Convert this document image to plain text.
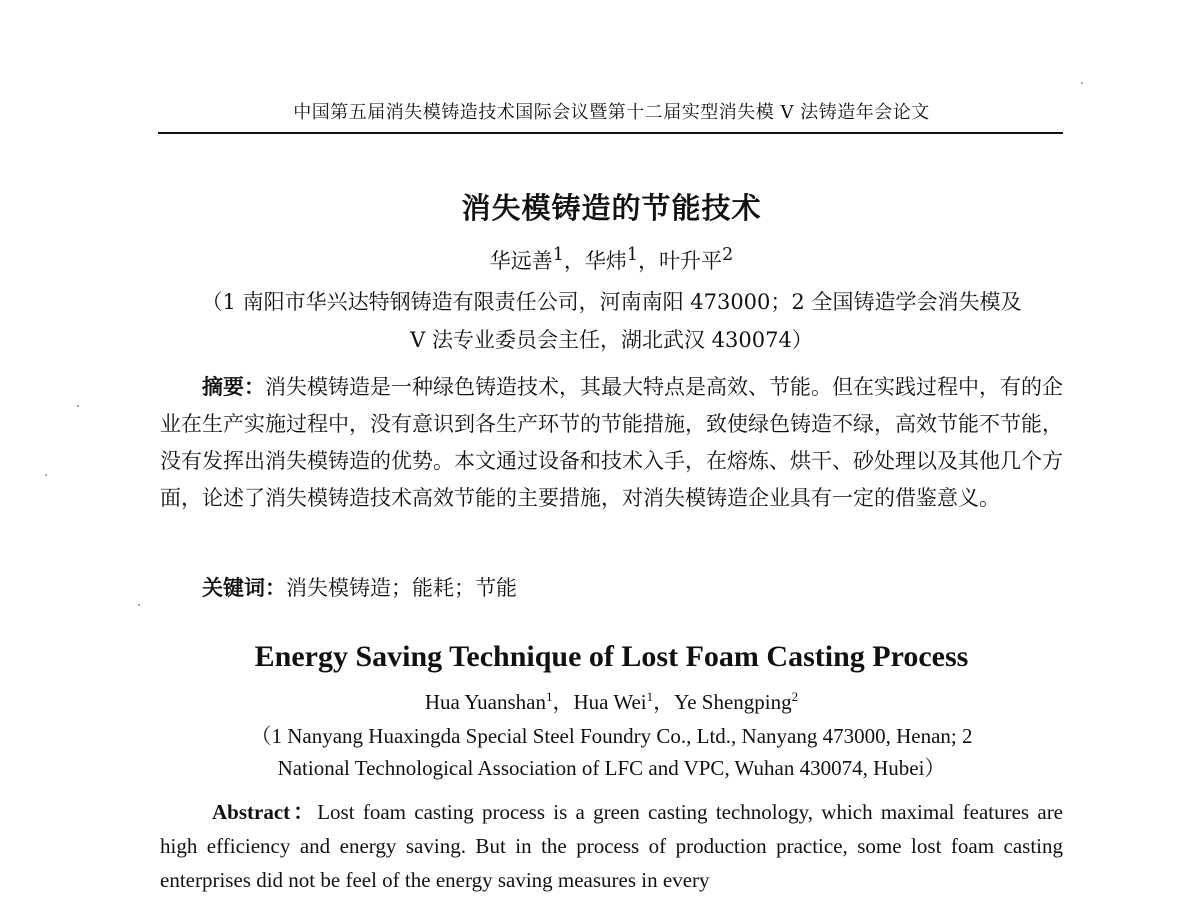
中国第五届消失模铸造技术国际会议暨第十二届实型消失模 V 法铸造年会论文
消失模铸造的节能技术
华远善$^1$，华炜$^1$，叶升平$^2$
（1 南阳市华兴达特钢铸造有限责任公司，河南南阳 473000；2 全国铸造学会消失模及
V 法专业委员会主任，湖北武汉 430074）

摘要：消失模铸造是一种绿色铸造技术，其最大特点是高效、节能。但在实践过程中，有的企业在生产实施过程中，没有意识到各生产环节的节能措施，致使绿色铸造不绿，高效节能不节能，没有发挥出消失模铸造的优势。本文通过设备和技术入手，在熔炼、烘干、砂处理以及其他几个方面，论述了消失模铸造技术高效节能的主要措施，对消失模铸造企业具有一定的借鉴意义。

关键词：消失模铸造；能耗；节能

Energy Saving Technique of Lost Foam Casting Process
Hua Yuanshan$^1$，Hua Wei$^1$，Ye Shengping$^2$
（1 Nanyang Huaxingda Special Steel Foundry Co., Ltd., Nanyang 473000, Henan; 2
National Technological Association of LFC and VPC, Wuhan 430074, Hubei）

Abstract：Lost foam casting process is a green casting technology, which maximal features are high efficiency and energy saving. But in the process of production practice, some lost foam casting enterprises did not be feel of the energy saving measures in every
